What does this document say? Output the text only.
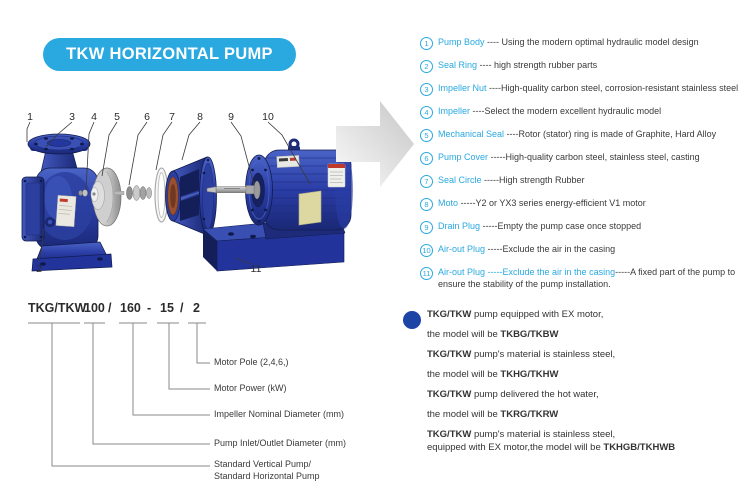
TKW HORIZONTAL PUMP
1
2
3 4 5 6 7 8 9	10
11
1	Pump Body ---- Using the modern optimal hydraulic model design
2	Seal Ring ---- high strength rubber parts
3	Impeller Nut ----High-quality carbon steel, corrosion-resistant stainless steel
4	Impeller ----Select the modern excellent hydraulic model
5	Mechanical Seal ----Rotor (stator) ring is made of Graphite, Hard Alloy
6	Pump Cover -----High-quality carbon steel, stainless steel, casting
7	Seal Circle -----High strength Rubber
8	Moto -----Y2 or YX3 series energy-efficient V1 motor
9	Drain Plug -----Empty the pump case once stopped
10 Air-out Plug -----Exclude the air in the casing
11 Air-out Plug -----Exclude the air in the casing-----A fixed part of the pump to ensure the stability of the pump installation.
TKG/TKW
100 / 160 - 15 / 2
Motor Pole (2,4,6,)
Motor Power (kW)
Impeller Nominal Diameter (mm)
Pump Inlet/Outlet Diameter (mm)
Standard Vertical Pump/
Standard Horizontal Pump
TKG/TKW pump equipped with EX motor,
the model will be TKBG/TKBW
TKG/TKW pump's material is stainless steel,
the model will be TKHG/TKHW
TKG/TKW pump delivered the hot water,
the model will be TKRG/TKRW
TKG/TKW pump's material is stainless steel,
equipped with EX motor,the model will be TKHGB/TKHWB
